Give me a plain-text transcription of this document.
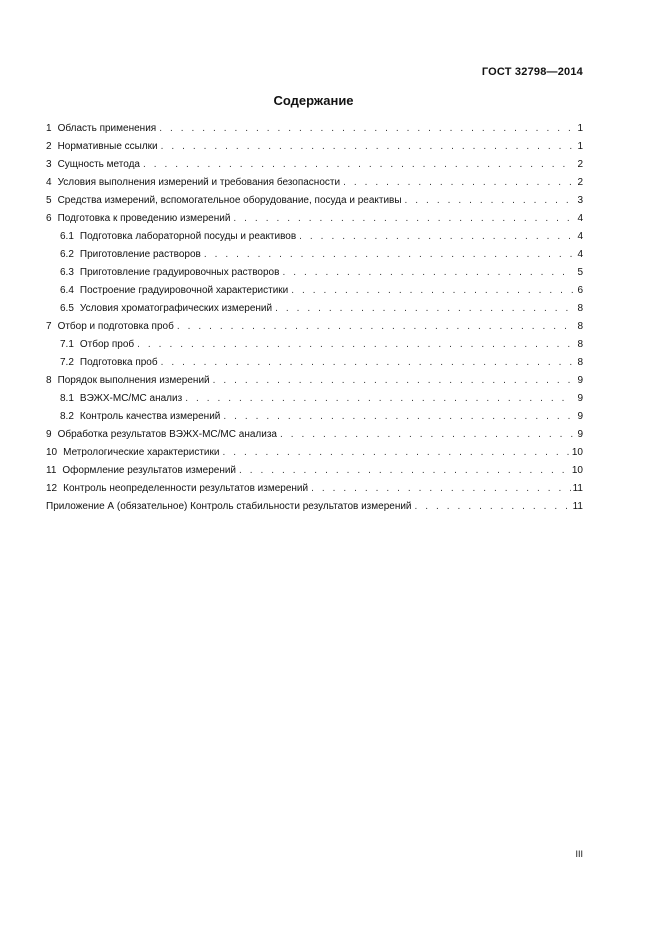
ГОСТ 32798—2014
Содержание
1 Область применения . . .	1
2 Нормативные ссылки . . .	1
3 Сущность метода . . .	2
4 Условия выполнения измерений и требования безопасности . . .	2
5 Средства измерений, вспомогательное оборудование, посуда и реактивы . . .	3
6 Подготовка к проведению измерений . . .	4
6.1 Подготовка лабораторной посуды и реактивов . . .	4
6.2 Приготовление растворов . . .	4
6.3 Приготовление градуировочных растворов . . .	5
6.4 Построение градуировочной характеристики . . .	6
6.5 Условия хроматографических измерений . . .	8
7 Отбор и подготовка проб . . .	8
7.1 Отбор проб . . .	8
7.2 Подготовка проб . . .	8
8 Порядок выполнения измерений . . .	9
8.1 ВЭЖХ-МС/МС анализ . . .	9
8.2 Контроль качества измерений . . .	9
9 Обработка результатов ВЭЖХ-МС/МС анализа . . .	9
10 Метрологические характеристики . . .	10
11 Оформление результатов измерений . . .	10
12 Контроль неопределенности результатов измерений . . .	11
Приложение А (обязательное) Контроль стабильности результатов измерений . . .	11
III
